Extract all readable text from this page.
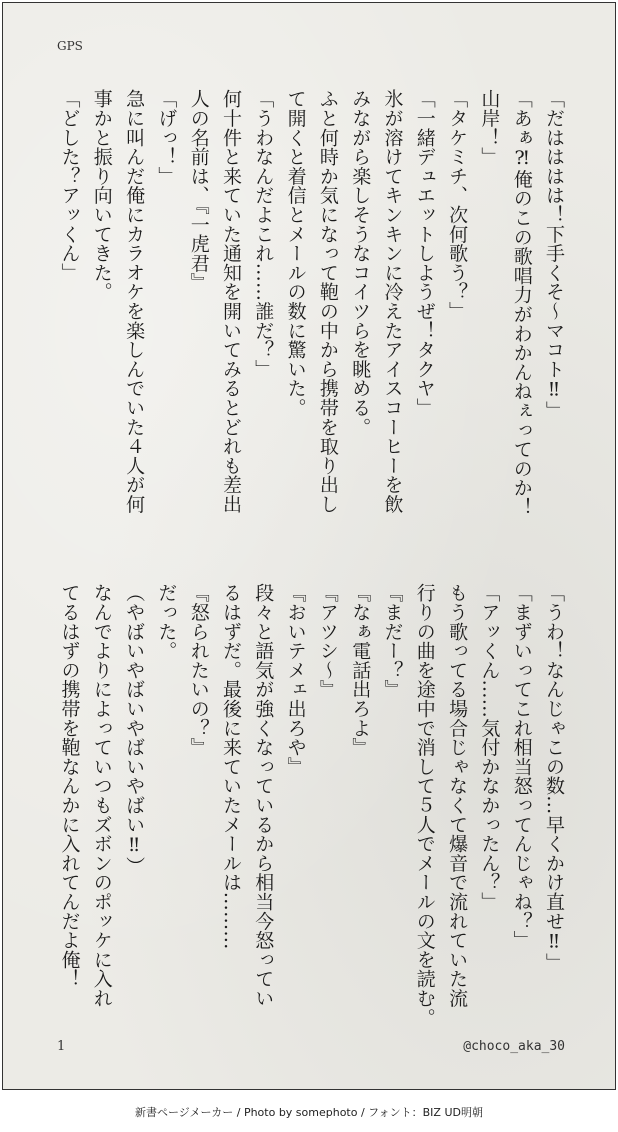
GPS
「だはははは！下手くそ〜マコト‼︎」
「あぁ⁈俺のこの歌唱力がわかんねぇってのか！
山岸！」
「タケミチ、次何歌う？」
「一緒デュエットしようぜ！タクヤ」
氷が溶けてキンキンに冷えたアイスコーヒーを飲
みながら楽しそうなコイツらを眺める。
ふと何時か気になって鞄の中から携帯を取り出し
て開くと着信とメールの数に驚いた。
「うわなんだよこれ……誰だ？」
何十件と来ていた通知を開いてみるとどれも差出
人の名前は、『一虎君』
「げっ！」
急に叫んだ俺にカラオケを楽しんでいた４人が何
事かと振り向いてきた。
「どした？アッくん」
「うわ！なんじゃこの数…早くかけ直せ‼︎」
「まずいってこれ相当怒ってんじゃね？」
「アッくん……気付かなかったん？」
もう歌ってる場合じゃなくて爆音で流れていた流
行りの曲を途中で消して５人でメールの文を読む。
『まだー？』
『なぁ電話出ろよ』
『アツシ〜』
『おいテメェ出ろや』
段々と語気が強くなっているから相当今怒ってい
るはずだ。最後に来ていたメールは………
『怒られたいの？』
だった。
（やばいやばいやばいやばい‼︎）
なんでよりによっていつもズボンのポッケに入れ
てるはずの携帯を鞄なんかに入れてんだよ俺！
1	@choco_aka_30
新書ページメーカー / Photo by somephoto / フォント：BIZ UD明朝
